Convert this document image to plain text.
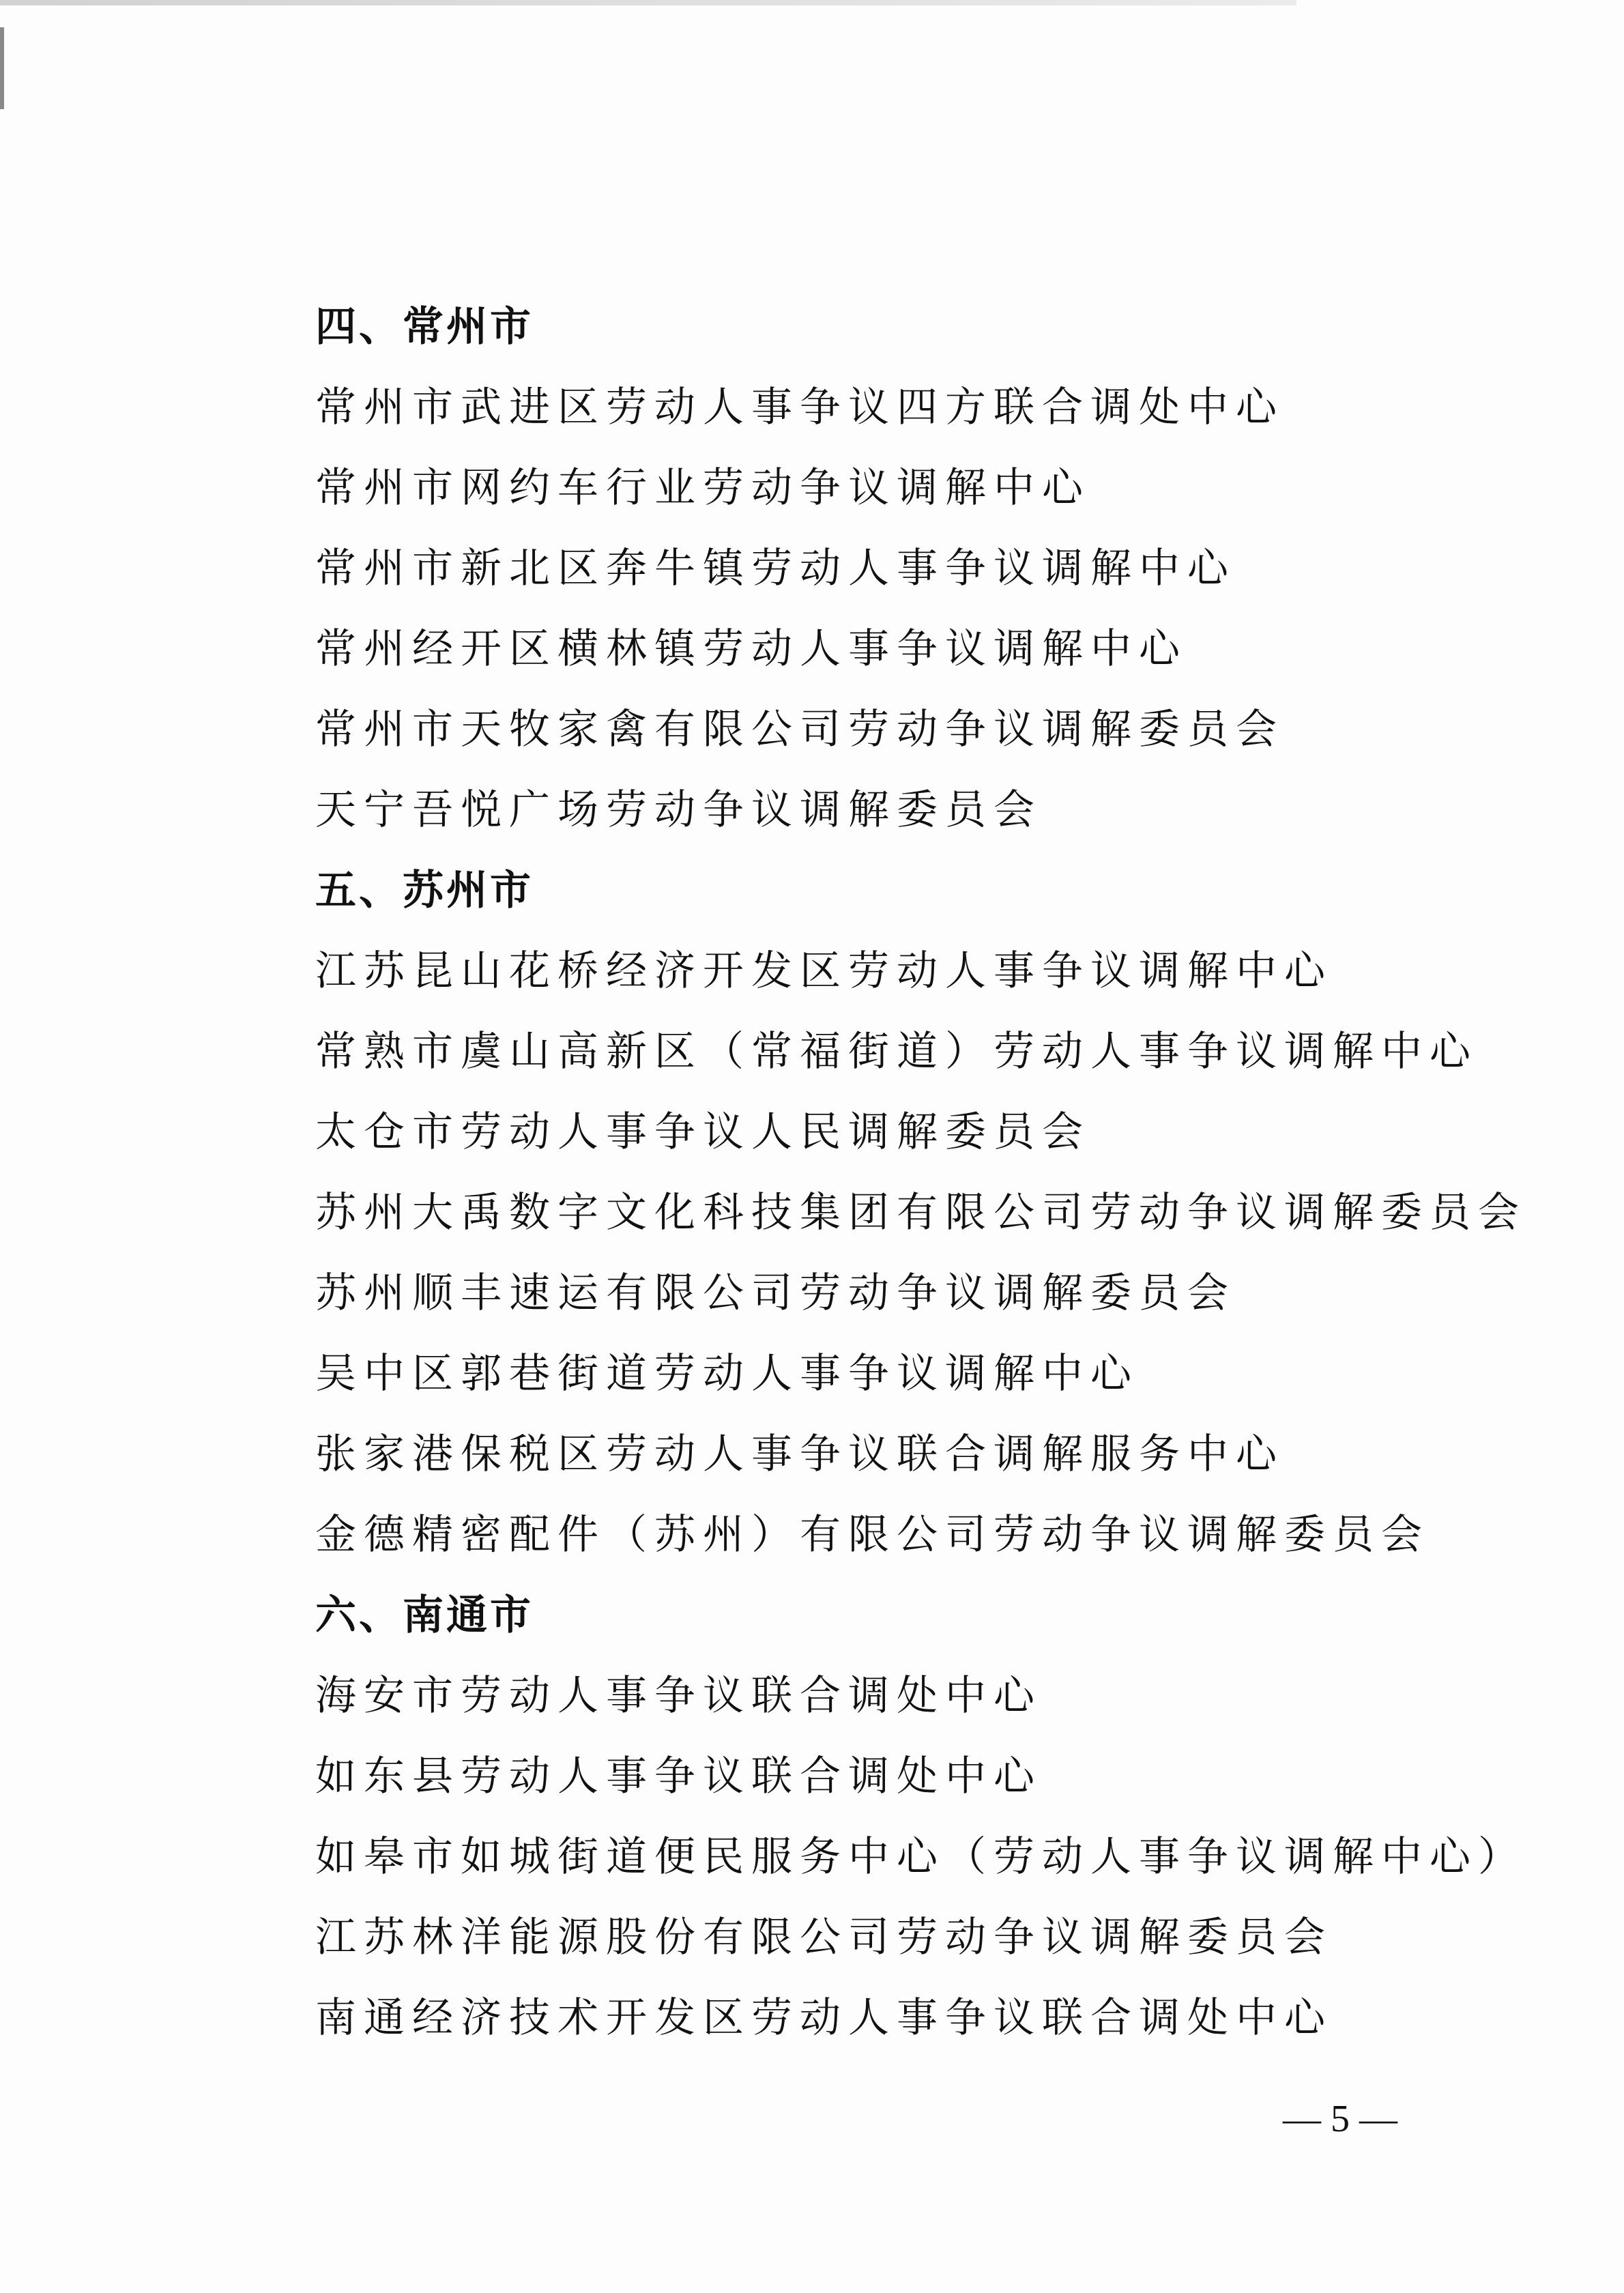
四、常州市
常州市武进区劳动人事争议四方联合调处中心
常州市网约车行业劳动争议调解中心
常州市新北区奔牛镇劳动人事争议调解中心
常州经开区横林镇劳动人事争议调解中心
常州市天牧家禽有限公司劳动争议调解委员会
天宁吾悦广场劳动争议调解委员会
五、苏州市
江苏昆山花桥经济开发区劳动人事争议调解中心
常熟市虞山高新区（常福街道）劳动人事争议调解中心
太仓市劳动人事争议人民调解委员会
苏州大禹数字文化科技集团有限公司劳动争议调解委员会
苏州顺丰速运有限公司劳动争议调解委员会
吴中区郭巷街道劳动人事争议调解中心
张家港保税区劳动人事争议联合调解服务中心
金德精密配件（苏州）有限公司劳动争议调解委员会
六、南通市
海安市劳动人事争议联合调处中心
如东县劳动人事争议联合调处中心
如皋市如城街道便民服务中心（劳动人事争议调解中心）
江苏林洋能源股份有限公司劳动争议调解委员会
南通经济技术开发区劳动人事争议联合调处中心
— 5 —
